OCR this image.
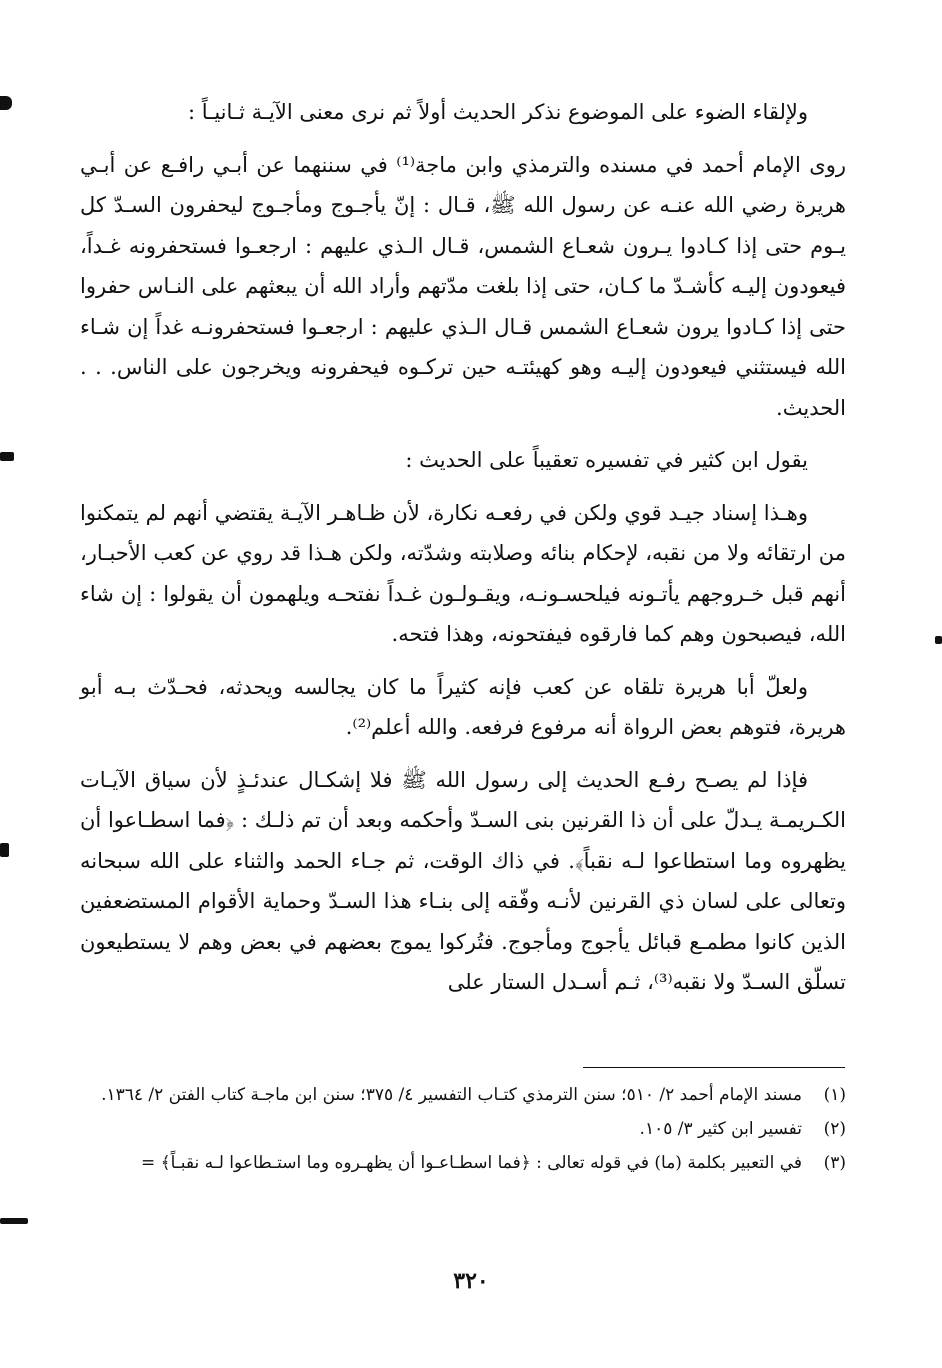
ولإلقاء الضوء على الموضوع نذكر الحديث أولاً ثم نرى معنى الآيـة ثـانيـاً :

روى الإمام أحمد في مسنده والترمذي وابن ماجة⁽¹⁾ في سننهما عن أبـي رافـع عن أبـي هريرة رضي الله عنـه عن رسول الله ﷺ، قـال : إنّ يأجـوج ومأجـوج ليحفرون السـدّ كل يـوم حتى إذا كـادوا يـرون شعـاع الشمس، قـال الـذي عليهم : ارجعـوا فستحفرونه غـداً، فيعودون إليـه كأشـدّ ما كـان، حتى إذا بلغت مدّتهم وأراد الله أن يبعثهم على النـاس حفروا حتى إذا كـادوا يرون شعـاع الشمس قـال الـذي عليهم : ارجعـوا فستحفرونـه غداً إن شـاء الله فيستثني فيعودون إليـه وهو كهيئتـه حين تركـوه فيحفرونه ويخرجون على الناس. . . الحديث.

يقول ابن كثير في تفسيره تعقيباً على الحديث :

وهـذا إسناد جيـد قوي ولكن في رفعـه نكارة، لأن ظـاهـر الآيـة يقتضي أنهم لم يتمكنوا من ارتقائه ولا من نقبه، لإحكام بنائه وصلابته وشدّته، ولكن هـذا قد روي عن كعب الأحبـار، أنهم قبل خـروجهم يأتـونه فيلحسـونـه، ويقـولـون غـداً نفتحـه ويلهمون أن يقولوا : إن شاء الله، فيصبحون وهم كما فارقوه فيفتحونه، وهذا فتحه.

ولعلّ أبا هريرة تلقاه عن كعب فإنه كثيراً ما كان يجالسه ويحدثه، فحـدّث بـه أبو هريرة، فتوهم بعض الرواة أنه مرفوع فرفعه. والله أعلم⁽²⁾.

فإذا لم يصـح رفـع الحديث إلى رسول الله ﷺ فلا إشكـال عندئـذٍ لأن سياق الآيـات الكـريمـة يـدلّ على أن ذا القرنين بنى السـدّ وأحكمه وبعد أن تم ذلـك : ﴿فما اسطـاعوا أن يظهروه وما استطاعوا لـه نقباً﴾. في ذاك الوقت، ثم جـاء الحمد والثناء على الله سبحانه وتعالى على لسان ذي القرنين لأنـه وفّقه إلى بنـاء هذا السـدّ وحماية الأقوام المستضعفين الذين كانوا مطمـع قبائل يأجوج ومأجوج. فتُركوا يموج بعضهم في بعض وهم لا يستطيعون تسلّق السـدّ ولا نقبه⁽³⁾، ثـم أسـدل الستار على

(١)
مسند الإمام أحمد ٢/ ٥١٠؛ سنن الترمذي كتـاب التفسير ٤/ ٣٧٥؛ سنن ابن ماجـة كتاب الفتن ٢/ ١٣٦٤.
(٢)
تفسير ابن كثير ٣/ ١٠٥.
(٣)
في التعبير بكلمة (ما) في قوله تعالى : ﴿فما اسطـاعـوا أن يظهـروه وما استـطاعوا لـه نقبـاً﴾ =
٣٢٠
